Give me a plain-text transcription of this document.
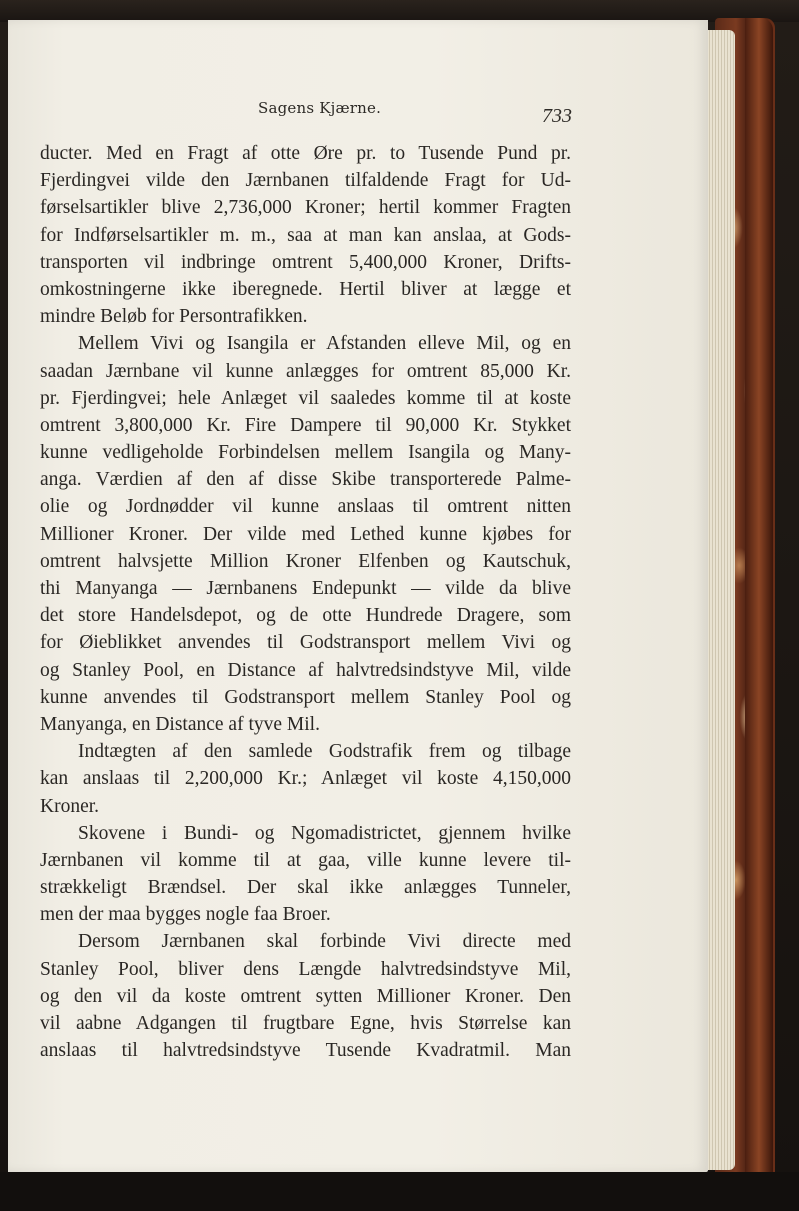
Sagens Kjærne.	733
ducter. Med en Fragt af otte Øre pr. to Tusende Pund pr.
Fjerdingvei vilde den Jærnbanen tilfaldende Fragt for Ud-
førselsartikler blive 2,736,000 Kroner; hertil kommer Fragten
for Indførselsartikler m. m., saa at man kan anslaa, at Gods-
transporten vil indbringe omtrent 5,400,000 Kroner, Drifts-
omkostningerne ikke iberegnede. Hertil bliver at lægge et
mindre Beløb for Persontrafikken.
Mellem Vivi og Isangila er Afstanden elleve Mil, og en
saadan Jærnbane vil kunne anlægges for omtrent 85,000 Kr.
pr. Fjerdingvei; hele Anlæget vil saaledes komme til at koste
omtrent 3,800,000 Kr. Fire Dampere til 90,000 Kr. Stykket
kunne vedligeholde Forbindelsen mellem Isangila og Many-
anga. Værdien af den af disse Skibe transporterede Palme-
olie og Jordnødder vil kunne anslaas til omtrent nitten
Millioner Kroner. Der vilde med Lethed kunne kjøbes for
omtrent halvsjette Million Kroner Elfenben og Kautschuk,
thi Manyanga — Jærnbanens Endepunkt — vilde da blive
det store Handelsdepot, og de otte Hundrede Dragere, som
for Øieblikket anvendes til Godstransport mellem Vivi og
og Stanley Pool, en Distance af halvtredsindstyve Mil, vilde
kunne anvendes til Godstransport mellem Stanley Pool og
Manyanga, en Distance af tyve Mil.
Indtægten af den samlede Godstrafik frem og tilbage
kan anslaas til 2,200,000 Kr.; Anlæget vil koste 4,150,000
Kroner.
Skovene i Bundi- og Ngomadistrictet, gjennem hvilke
Jærnbanen vil komme til at gaa, ville kunne levere til-
strækkeligt Brændsel. Der skal ikke anlægges Tunneler,
men der maa bygges nogle faa Broer.
Dersom Jærnbanen skal forbinde Vivi directe med
Stanley Pool, bliver dens Længde halvtredsindstyve Mil,
og den vil da koste omtrent sytten Millioner Kroner. Den
vil aabne Adgangen til frugtbare Egne, hvis Størrelse kan
anslaas til halvtredsindstyve Tusende Kvadratmil. Man
